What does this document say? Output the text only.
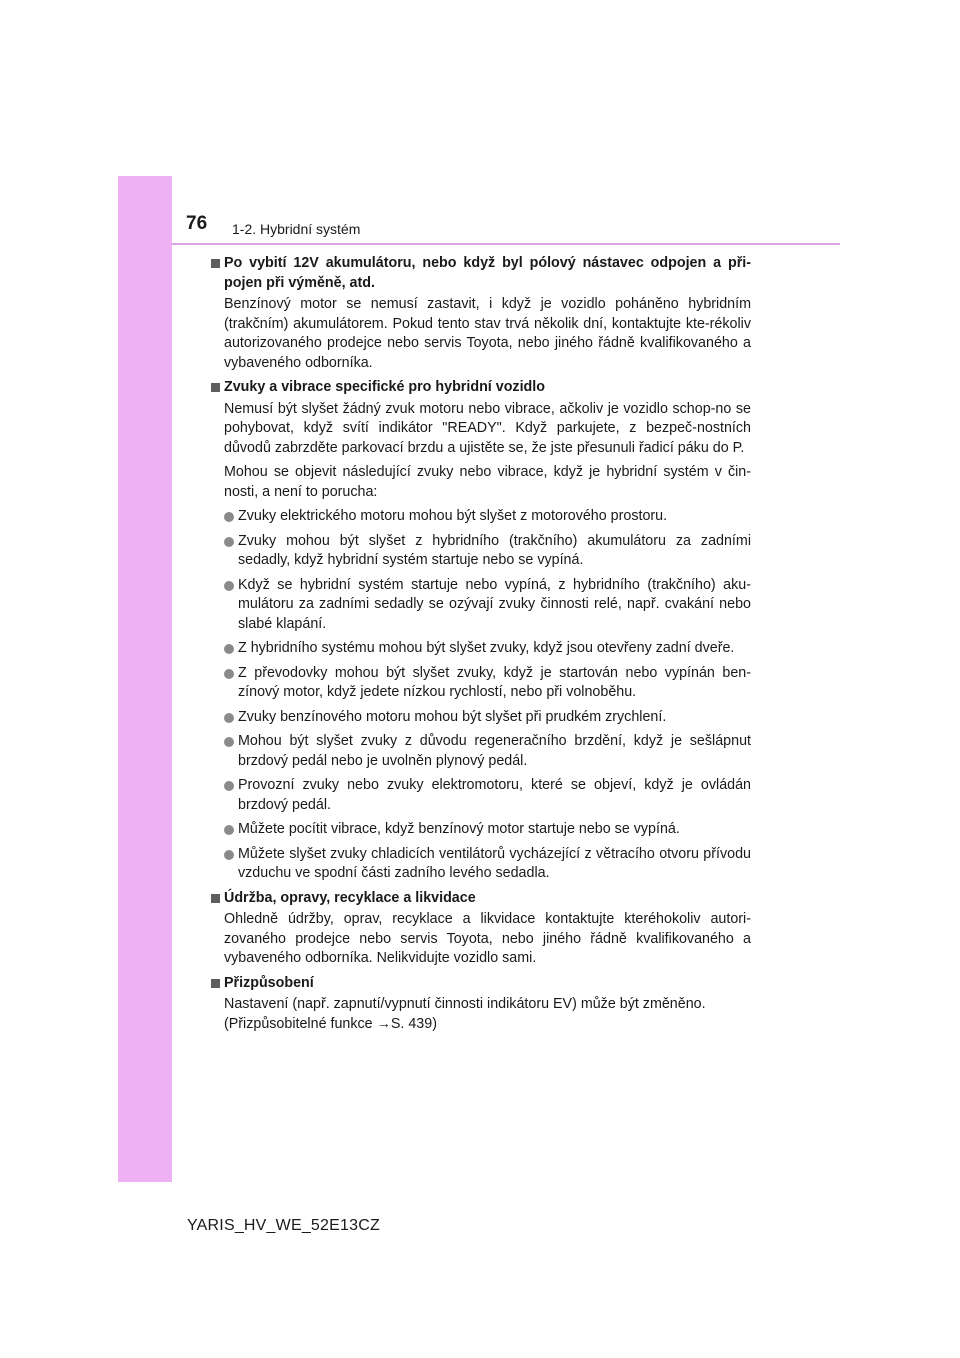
76 1-2. Hybridní systém
Po vybití 12V akumulátoru, nebo když byl pólový nástavec odpojen a při-pojen při výměně, atd.
Benzínový motor se nemusí zastavit, i když je vozidlo poháněno hybridním (trakčním) akumulátorem. Pokud tento stav trvá několik dní, kontaktujte kte-rékoliv autorizovaného prodejce nebo servis Toyota, nebo jiného řádně kvalifikovaného a vybaveného odborníka.
Zvuky a vibrace specifické pro hybridní vozidlo
Nemusí být slyšet žádný zvuk motoru nebo vibrace, ačkoliv je vozidlo schop-no se pohybovat, když svítí indikátor "READY". Když parkujete, z bezpeč-nostních důvodů zabrzděte parkovací brzdu a ujistěte se, že jste přesunuli řadicí páku do P.
Mohou se objevit následující zvuky nebo vibrace, když je hybridní systém v čin-nosti, a není to porucha:
Zvuky elektrického motoru mohou být slyšet z motorového prostoru.
Zvuky mohou být slyšet z hybridního (trakčního) akumulátoru za zadními sedadly, když hybridní systém startuje nebo se vypíná.
Když se hybridní systém startuje nebo vypíná, z hybridního (trakčního) aku-mulátoru za zadními sedadly se ozývají zvuky činnosti relé, např. cvakání nebo slabé klapání.
Z hybridního systému mohou být slyšet zvuky, když jsou otevřeny zadní dveře.
Z převodovky mohou být slyšet zvuky, když je startován nebo vypínán ben-zínový motor, když jedete nízkou rychlostí, nebo při volnoběhu.
Zvuky benzínového motoru mohou být slyšet při prudkém zrychlení.
Mohou být slyšet zvuky z důvodu regeneračního brzdění, když je sešlápnut brzdový pedál nebo je uvolněn plynový pedál.
Provozní zvuky nebo zvuky elektromotoru, které se objeví, když je ovládán brzdový pedál.
Můžete pocítit vibrace, když benzínový motor startuje nebo se vypíná.
Můžete slyšet zvuky chladicích ventilátorů vycházející z větracího otvoru přívodu vzduchu ve spodní části zadního levého sedadla.
Údržba, opravy, recyklace a likvidace
Ohledně údržby, oprav, recyklace a likvidace kontaktujte kteréhokoliv autori-zovaného prodejce nebo servis Toyota, nebo jiného řádně kvalifikovaného a vybaveného odborníka. Nelikvidujte vozidlo sami.
Přizpůsobení
Nastavení (např. zapnutí/vypnutí činnosti indikátoru EV) může být změněno.
(Přizpůsobitelné funkce →S. 439)
YARIS_HV_WE_52E13CZ
